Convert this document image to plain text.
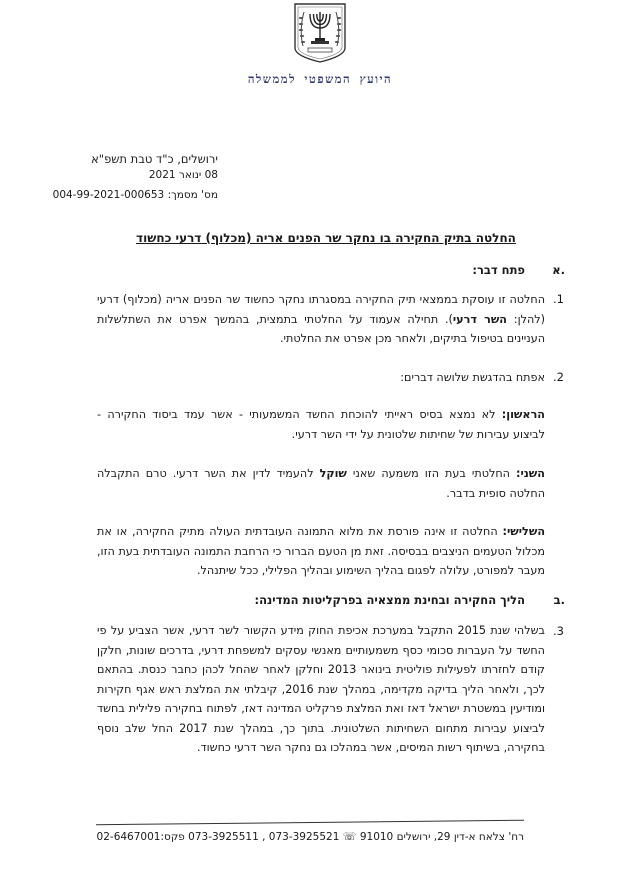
היועץ המשפטי לממשלה
ירושלים, כ"ד טבת תשפ"א
08 ינואר 2021
מס' מסמך: 004-99-2021-000653
החלטה בתיק החקירה בו נחקר שר הפנים אריה (מכלוף) דרעי כחשוד
א.
פתח דבר:
.1
החלטה זו עוסקת בממצאי תיק החקירה במסגרתו נחקר כחשוד שר הפנים אריה (מכלוף) דרעי (להלן: השר דרעי). תחילה אעמוד על החלטתי בתמצית, בהמשך אפרט את השתלשלות העניינים בטיפול בתיקים, ולאחר מכן אפרט את החלטתי.
.2
אפתח בהדגשת שלושה דברים:
הראשון: לא נמצא בסיס ראייתי להוכחת החשד המשמעותי - אשר עמד ביסוד החקירה - לביצוע עבירות של שחיתות שלטונית על ידי השר דרעי.
השני: החלטתי בעת הזו משמעה שאני שוקל להעמיד לדין את השר דרעי. טרם התקבלה החלטה סופית בדבר.
השלישי: החלטה זו אינה פורסת את מלוא התמונה העובדתית העולה מתיק החקירה, או את מכלול הטעמים הניצבים בבסיסה. זאת מן הטעם הברור כי הרחבת התמונה העובדתית בעת הזו, מעבר למפורט, עלולה לפגום בהליך השימוע ובהליך הפלילי, ככל שיתנהל.
ב.
הליך החקירה ובחינת ממצאיה בפרקליטות המדינה:
.3
בשלהי שנת 2015 התקבל במערכת אכיפת החוק מידע הקשור לשר דרעי, אשר הצביע על פי החשד על העברות סכומי כסף משמעותיים מאנשי עסקים למשפחת דרעי, בדרכים שונות, חלקן קודם לחזרתו לפעילות פוליטית בינואר 2013 וחלקן לאחר שהחל לכהן כחבר כנסת. בהתאם לכך, ולאחר הליך בדיקה מקדימה, במהלך שנת 2016, קיבלתי את המלצת ראש אגף חקירות ומודיעין במשטרת ישראל דאז ואת המלצת פרקליט המדינה דאז, לפתוח בחקירה פלילית בחשד לביצוע עבירות מתחום השחיתות השלטונית. בתוך כך, במהלך שנת 2017 החל שלב נוסף בחקירה, בשיתוף רשות המיסים, אשר במהלכו גם נחקר השר דרעי כחשוד.
רח' צלאח א-דין 29, ירושלים 91010 ☏ 073-3925511 , 073-3925521 פקס:02-6467001
